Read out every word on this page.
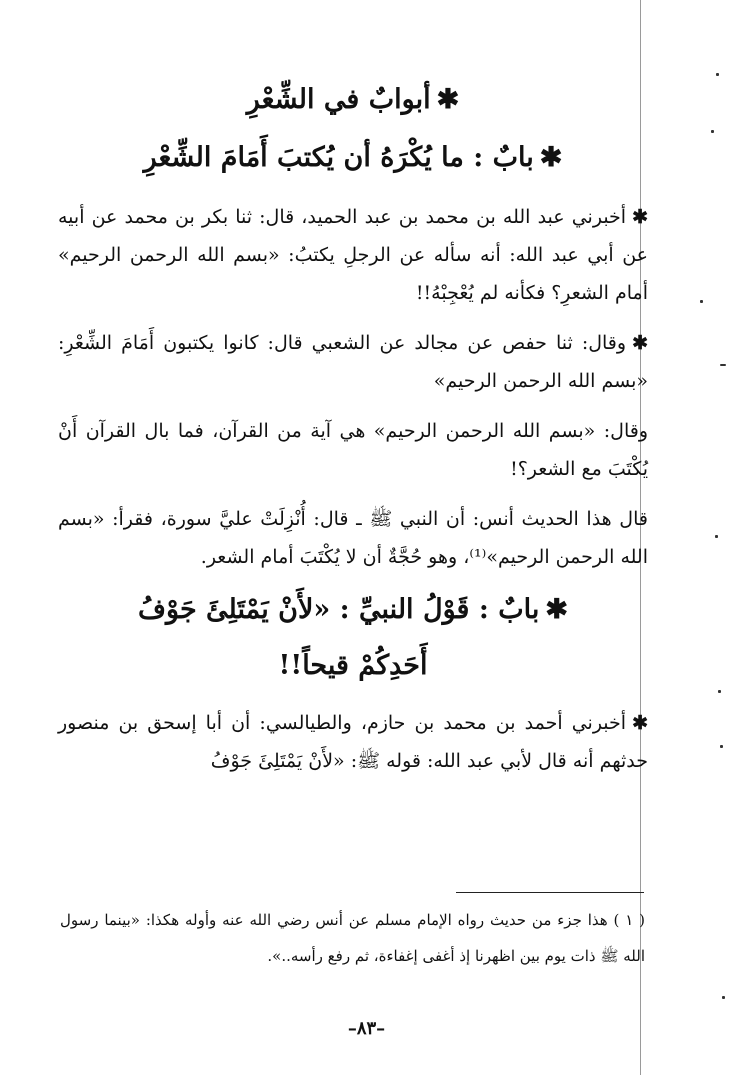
✱أبوابٌ في الشِّعْرِ
✱بابٌ : ما يُكْرَهُ أن يُكتبَ أَمَامَ الشِّعْرِ

✱أخبرني عبد الله بن محمد بن عبد الحميد، قال: ثنا بكر بن محمد عن أبيه عن أبي عبد الله: أنه سأله عن الرجلِ يكتبُ: «بسم الله الرحمن الرحيم» أمام الشعرِ؟ فكأنه لم يُعْجِبْهُ!!

✱وقال: ثنا حفص عن مجالد عن الشعبي قال: كانوا يكتبون أَمَامَ الشِّعْرِ: «بسم الله الرحمن الرحيم»

وقال: «بسم الله الرحمن الرحيم» هي آية من القرآن، فما بال القرآن أَنْ يُكْتَبَ مع الشعر؟!

قال هذا الحديث أنس: أن النبي ﷺ ـ قال: أُنْزِلَتْ عليَّ سورة، فقرأ: «بسم الله الرحمن الرحيم»⁽¹⁾، وهو حُجَّةٌ أن لا يُكْتَبَ أمام الشعر.

✱بابٌ : قَوْلُ النبيِّ : «لأَنْ يَمْتَلِئَ جَوْفُ
أَحَدِكُمْ قيحاً!!

✱أخبرني أحمد بن محمد بن حازم، والطيالسي: أن أبا إسحق بن منصور حدثهم أنه قال لأبي عبد الله: قوله ﷺ: «لأَنْ يَمْتَلِئَ جَوْفُ

( ١ ) هذا جزء من حديث رواه الإمام مسلم عن أنس رضي الله عنه وأوله هكذا: «بينما رسول الله ﷺ ذات يوم بين اظهرنا إذ أغفى إغفاءة، ثم رفع رأسه..».
–٨٣–
